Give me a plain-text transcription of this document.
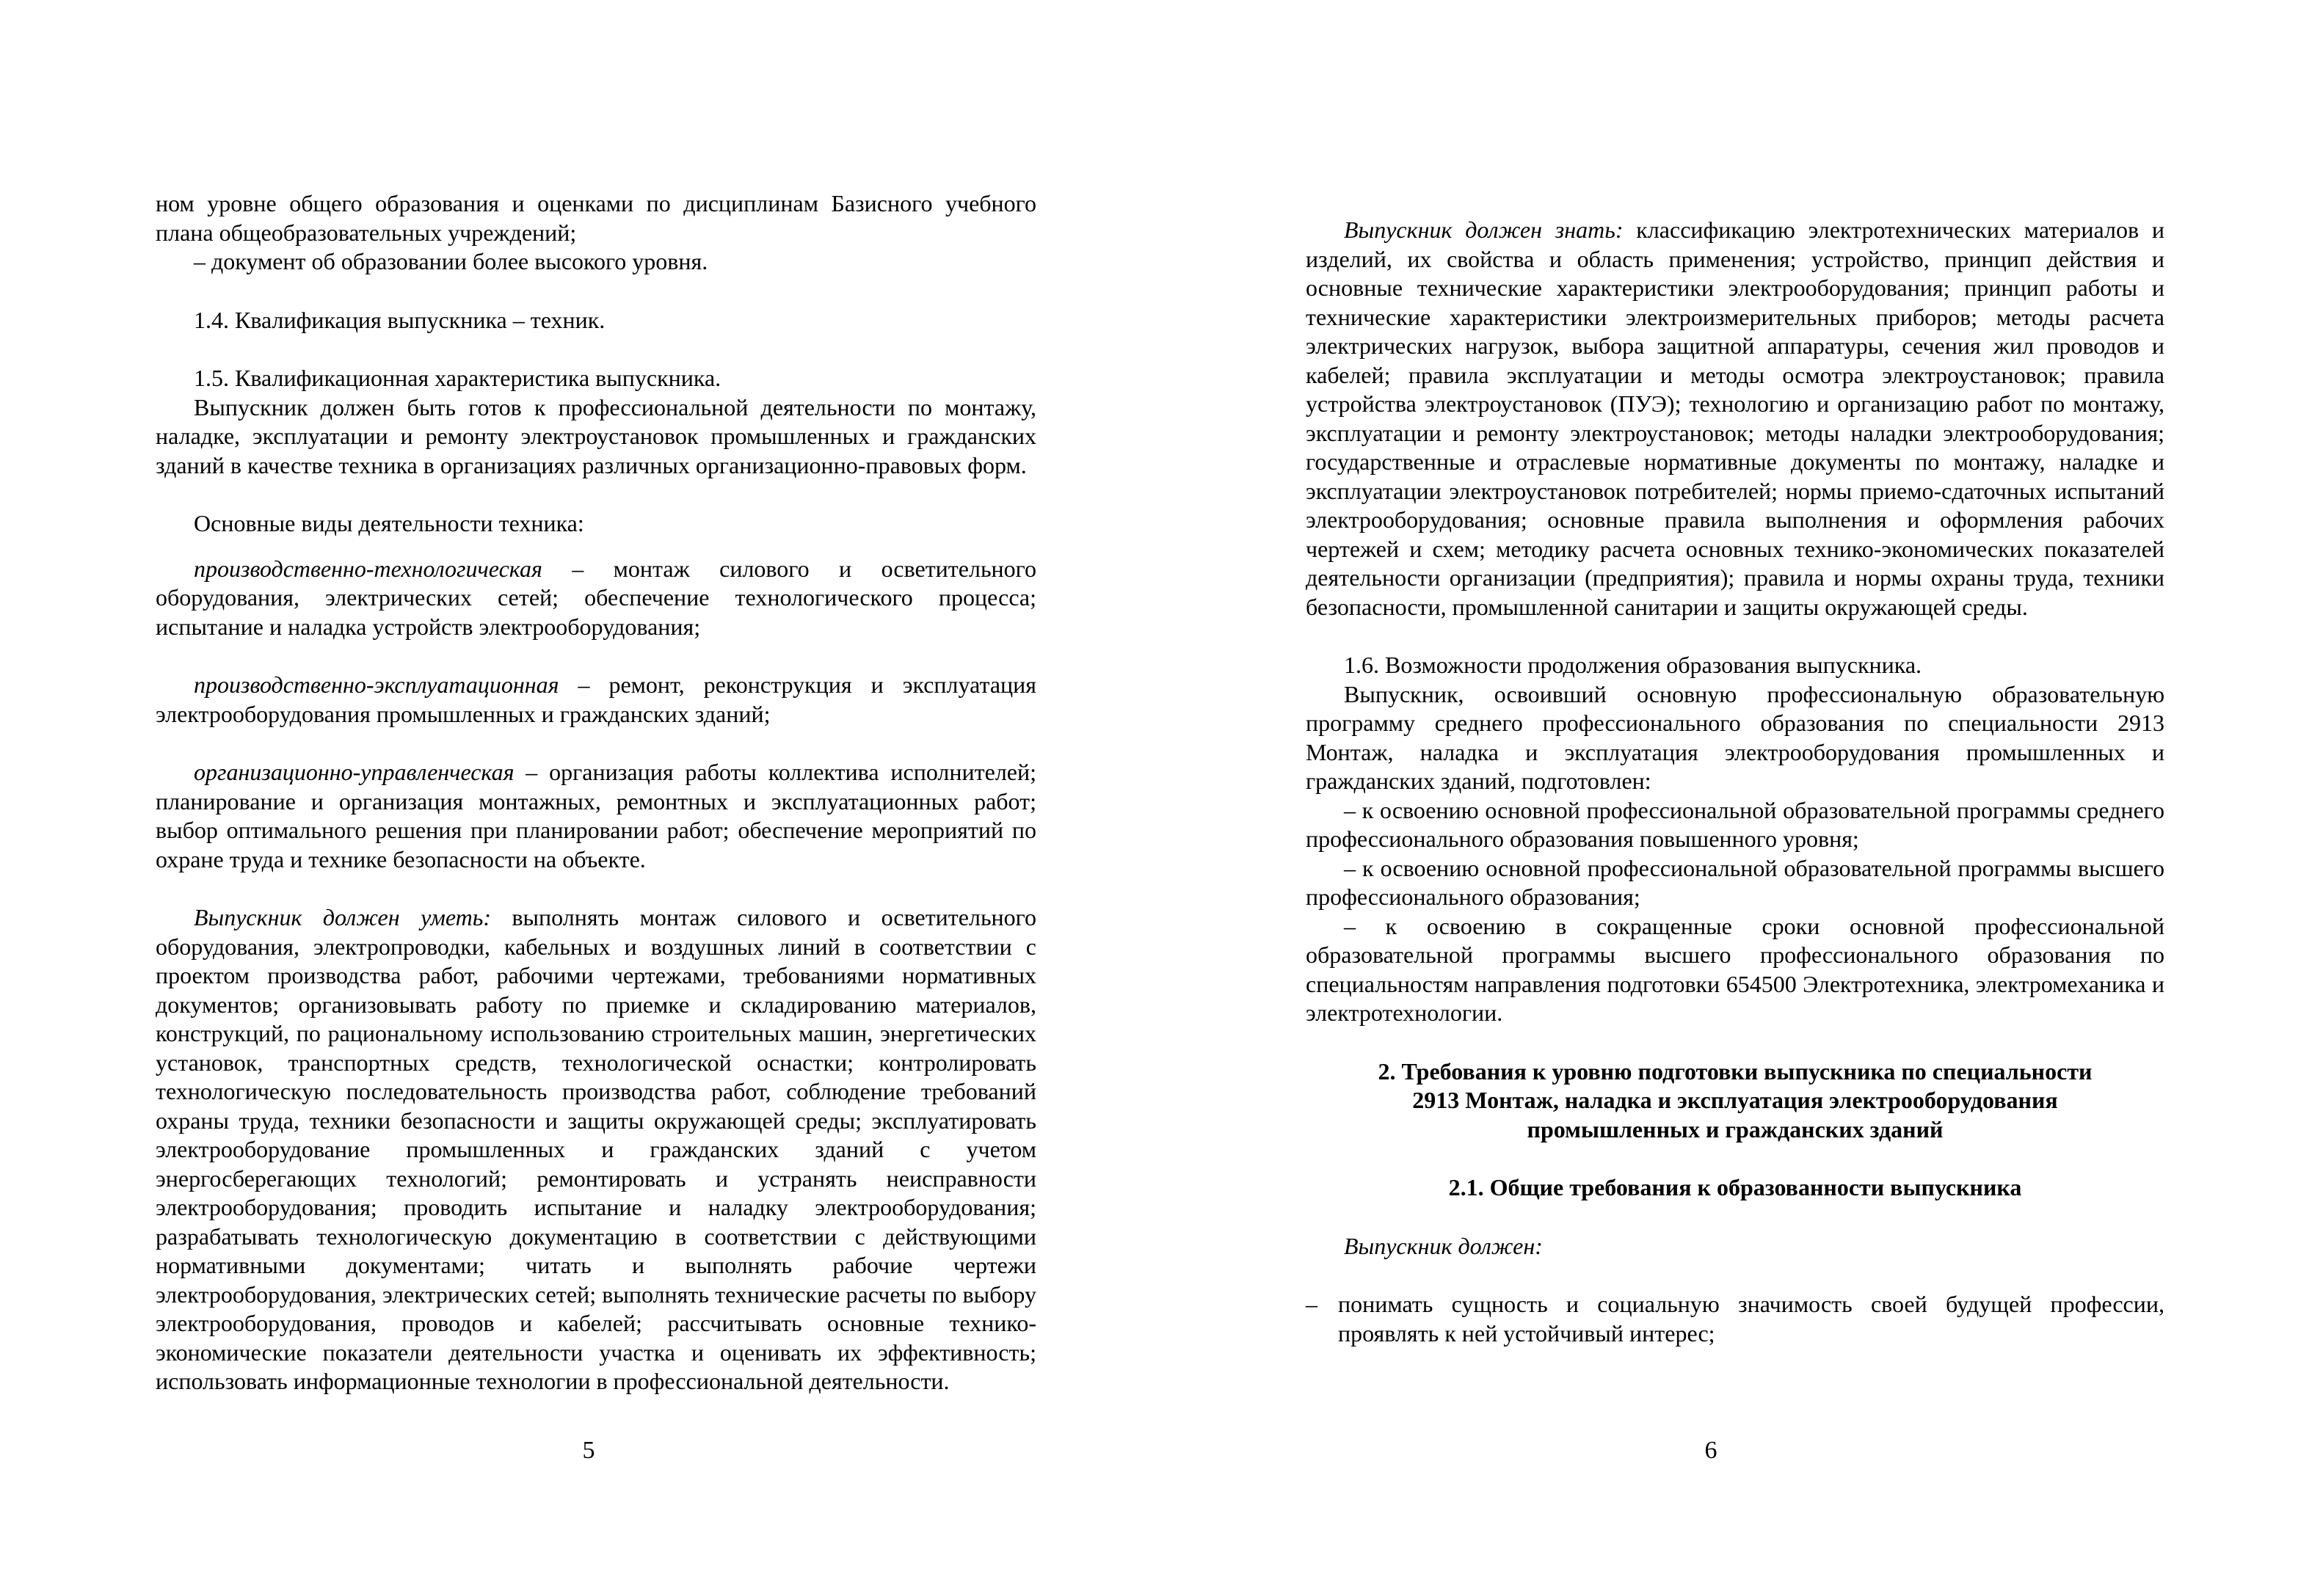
ном уровне общего образования и оценками по дисциплинам Базисного учебного плана общеобразовательных учреждений;

– документ об образовании более высокого уровня.

1.4. Квалификация выпускника – техник.

1.5. Квалификационная характеристика выпускника.

Выпускник должен быть готов к профессиональной деятельности по монтажу, наладке, эксплуатации и ремонту электроустановок промышленных и гражданских зданий в качестве техника в организациях различных организационно-правовых форм.

Основные виды деятельности техника:

производственно-технологическая – монтаж силового и осветительного оборудования, электрических сетей; обеспечение технологического процесса; испытание и наладка устройств электрооборудования;

производственно-эксплуатационная – ремонт, реконструкция и эксплуатация электрооборудования промышленных и гражданских зданий;

организационно-управленческая – организация работы коллектива исполнителей; планирование и организация монтажных, ремонтных и эксплуатационных работ; выбор оптимального решения при планировании работ; обеспечение мероприятий по охране труда и технике безопасности на объекте.

Выпускник должен уметь: выполнять монтаж силового и осветительного оборудования, электропроводки, кабельных и воздушных линий в соответствии с проектом производства работ, рабочими чертежами, требованиями нормативных документов; организовывать работу по приемке и складированию материалов, конструкций, по рациональному использованию строительных машин, энергетических установок, транспортных средств, технологической оснастки; контролировать технологическую последовательность производства работ, соблюдение требований охраны труда, техники безопасности и защиты окружающей среды; эксплуатировать электрооборудование промышленных и гражданских зданий с учетом энергосберегающих технологий; ремонтировать и устранять неисправности электрооборудования; проводить испытание и наладку электрооборудования; разрабатывать технологическую документацию в соответствии с действующими нормативными документами; читать и выполнять рабочие чертежи электрооборудования, электрических сетей; выполнять технические расчеты по выбору электрооборудования, проводов и кабелей; рассчитывать основные технико-экономические показатели деятельности участка и оценивать их эффективность; использовать информационные технологии в профессиональной деятельности.

5

Выпускник должен знать: классификацию электротехнических материалов и изделий, их свойства и область применения; устройство, принцип действия и основные технические характеристики электрооборудования; принцип работы и технические характеристики электроизмерительных приборов; методы расчета электрических нагрузок, выбора защитной аппаратуры, сечения жил проводов и кабелей; правила эксплуатации и методы осмотра электроустановок; правила устройства электроустановок (ПУЭ); технологию и организацию работ по монтажу, эксплуатации и ремонту электроустановок; методы наладки электрооборудования; государственные и отраслевые нормативные документы по монтажу, наладке и эксплуатации электроустановок потребителей; нормы приемо-сдаточных испытаний электрооборудования; основные правила выполнения и оформления рабочих чертежей и схем; методику расчета основных технико-экономических показателей деятельности организации (предприятия); правила и нормы охраны труда, техники безопасности, промышленной санитарии и защиты окружающей среды.

1.6. Возможности продолжения образования выпускника.

Выпускник, освоивший основную профессиональную образовательную программу среднего профессионального образования по специальности 2913 Монтаж, наладка и эксплуатация электрооборудования промышленных и гражданских зданий, подготовлен:

– к освоению основной профессиональной образовательной программы среднего профессионального образования повышенного уровня;

– к освоению основной профессиональной образовательной программы высшего профессионального образования;

– к освоению в сокращенные сроки основной профессиональной образовательной программы высшего профессионального образования по специальностям направления подготовки 654500 Электротехника, электромеханика и электротехнологии.

2. Требования к уровню подготовки выпускника по специальности

2913 Монтаж, наладка и эксплуатация электрооборудования

промышленных и гражданских зданий

2.1. Общие требования к образованности выпускника

Выпускник должен:

– понимать сущность и социальную значимость своей будущей профессии, проявлять к ней устойчивый интерес;

6
